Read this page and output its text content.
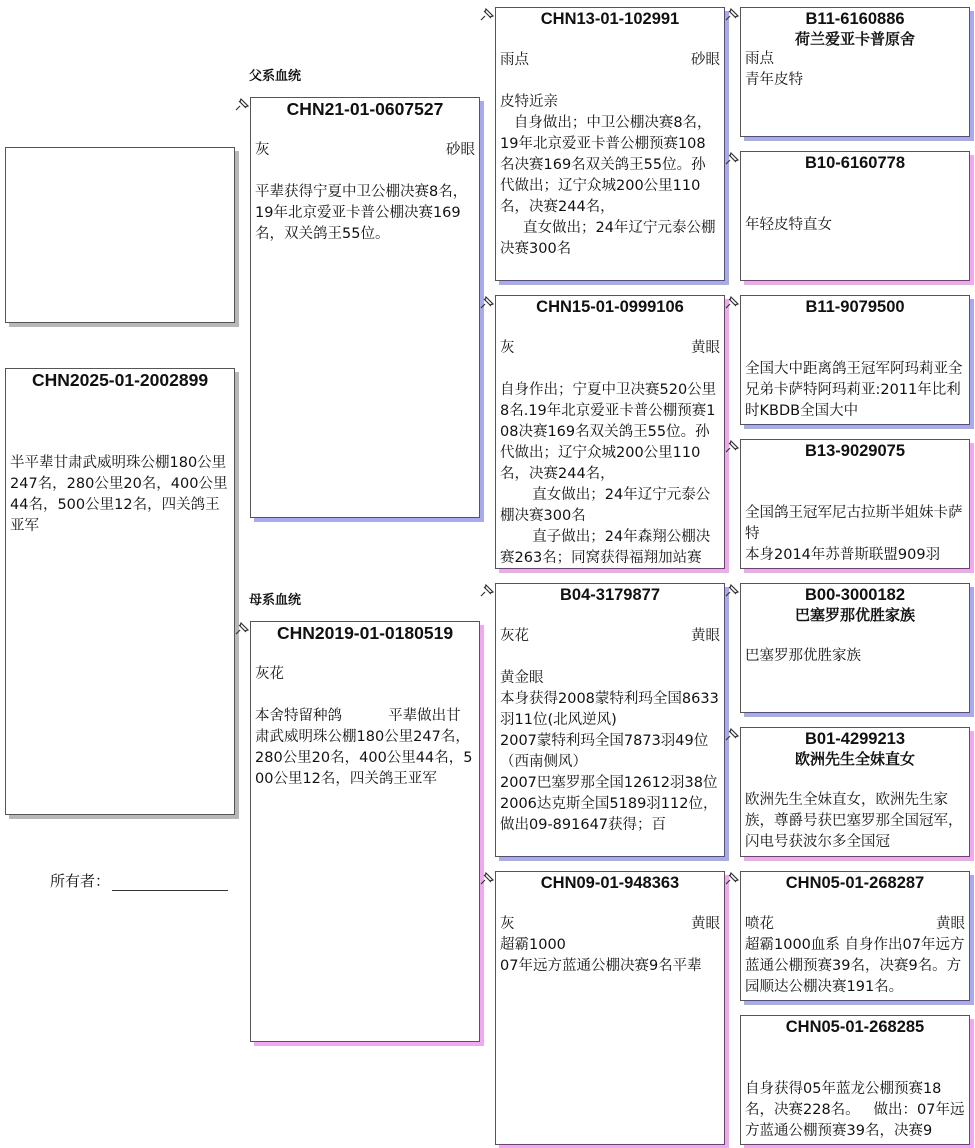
父系血统
母系血统
CHN2025-01-2002899
半平辈甘肃武威明珠公棚180公里247名，280公里20名，400公里44名，500公里12名，四关鸽王亚军
所有者：
CHN21-01-0607527
灰	砂眼
平辈获得宁夏中卫公棚决赛8名，
19年北京爱亚卡普公棚决赛169名，双关鸽王55位。
CHN2019-01-0180519
灰花
本舍特留种鸽          平辈做出甘肃武威明珠公棚180公里247名，280公里20名，400公里44名，500公里12名，四关鸽王亚军
CHN13-01-102991
雨点	砂眼
皮特近亲
自身做出；中卫公棚决赛8名，19年北京爱亚卡普公棚预赛108名决赛169名双关鸽王55位。孙代做出；辽宁众城200公里110名，决赛244名，
直女做出；24年辽宁元泰公棚决赛300名
CHN15-01-0999106
灰	黄眼
自身作出；宁夏中卫决赛520公里8名.19年北京爱亚卡普公棚预赛108决赛169名双关鸽王55位。孙代做出；辽宁众城200公里110名，决赛244名，
直女做出；24年辽宁元泰公棚决赛300名
直子做出；24年森翔公棚决赛263名；同窝获得福翔加站赛
B04-3179877
灰花	黄眼
黄金眼
本身获得2008蒙特利玛全国8633羽11位(北风逆风)
2007蒙特利玛全国7873羽49位（西南侧风）
2007巴塞罗那全国12612羽38位
2006达克斯全国5189羽112位，做出09-891647获得；百
CHN09-01-948363
灰	黄眼
超霸1000
07年远方蓝通公棚决赛9名平辈
B11-6160886
荷兰爱亚卡普原舍
雨点
青年皮特
B10-6160778
年轻皮特直女
B11-9079500
全国大中距离鸽王冠军阿玛莉亚全兄弟卡萨特阿玛莉亚:2011年比利时KBDB全国大中
B13-9029075
全国鸽王冠军尼古拉斯半姐妹卡萨特
本身2014年苏普斯联盟909羽
B00-3000182
巴塞罗那优胜家族
巴塞罗那优胜家族
B01-4299213
欧洲先生全妹直女
欧洲先生全妹直女，欧洲先生家族，尊爵号获巴塞罗那全国冠军，闪电号获波尔多全国冠
CHN05-01-268287
喷花	黄眼
超霸1000血系 自身作出07年远方蓝通公棚预赛39名，决赛9名。方园顺达公棚决赛191名。
CHN05-01-268285
自身获得05年蓝龙公棚预赛18名，决赛228名。   做出：07年远方蓝通公棚预赛39名，决赛9
